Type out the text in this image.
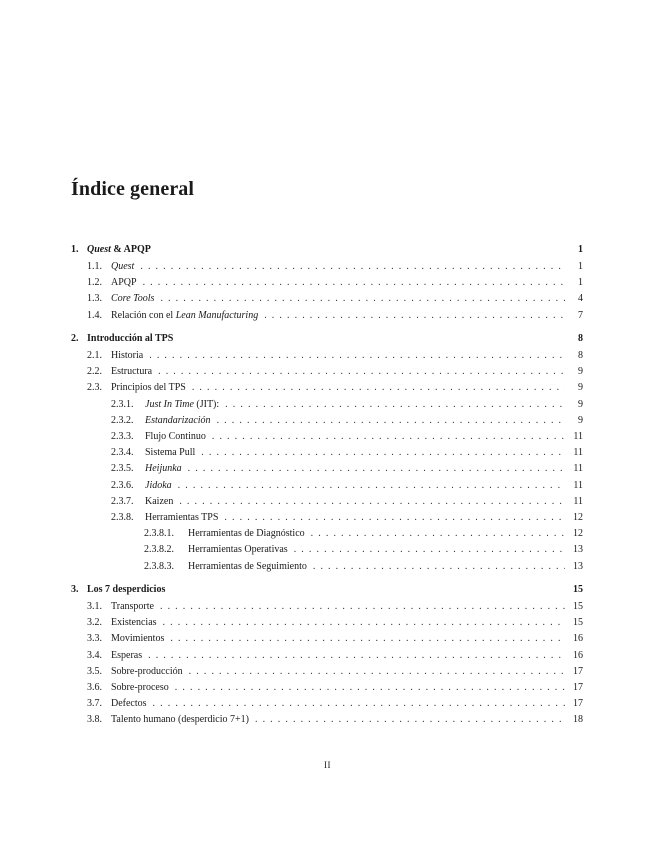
Índice general
1. Quest & APQP	1
1.1. Quest . . .	1
1.2. APQP . . .	1
1.3. Core Tools . . .	4
1.4. Relación con el Lean Manufacturing . . .	7
2. Introducción al TPS	8
2.1. Historia . . .	8
2.2. Estructura . . .	9
2.3. Principios del TPS . . .	9
2.3.1.	Just In Time (JIT): . . .	9
2.3.2.	Estandarización . . .	9
2.3.3.	Flujo Continuo . . .	11
2.3.4.	Sistema Pull . . .	11
2.3.5.	Heijunka . . .	11
2.3.6.	Jidoka . . .	11
2.3.7.	Kaizen . . .	11
2.3.8.	Herramientas TPS . . .	12
2.3.8.1.	Herramientas de Diagnóstico . . .	12
2.3.8.2.	Herramientas Operativas . . .	13
2.3.8.3.	Herramientas de Seguimiento . . .	13
3. Los 7 desperdicios	15
3.1. Transporte . . .	15
3.2. Existencias . . .	15
3.3. Movimientos . . .	16
3.4. Esperas . . .	16
3.5. Sobre-producción . . .	17
3.6. Sobre-proceso . . .	17
3.7. Defectos . . .	17
3.8. Talento humano (desperdicio 7+1) . . .	18
II
